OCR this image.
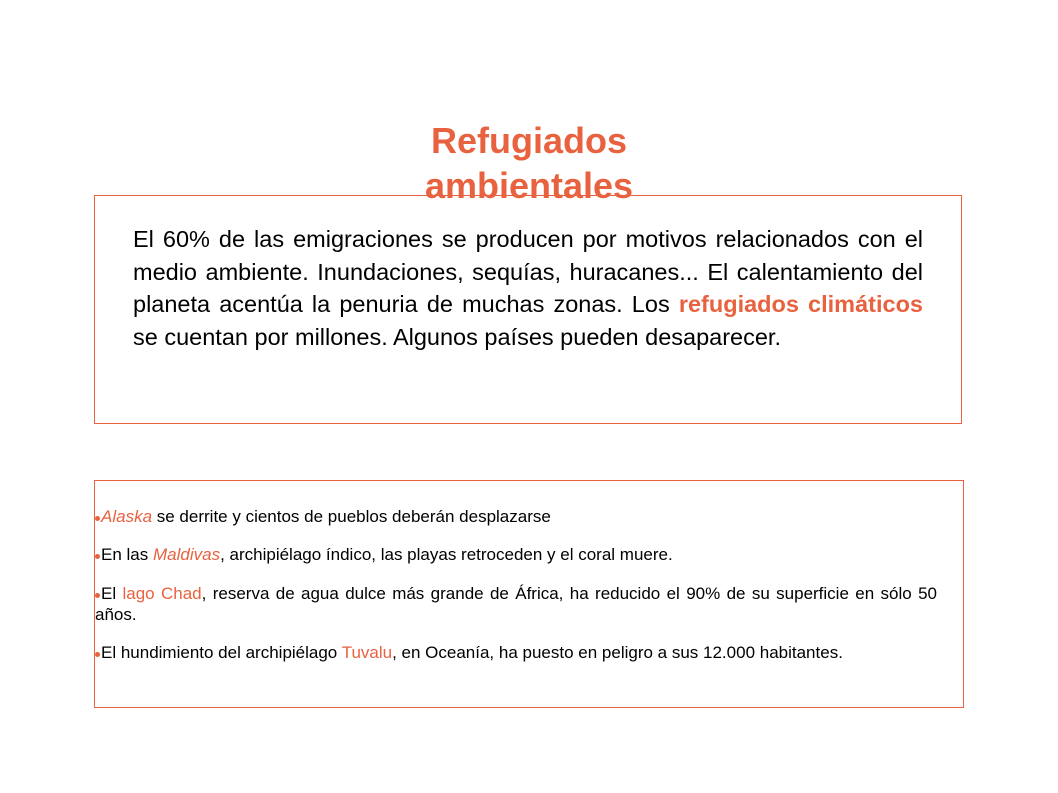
Refugiados
ambientales

El 60% de las emigraciones se producen por motivos relacionados con el medio ambiente. Inundaciones, sequías, huracanes... El calentamiento del planeta acentúa la penuria de muchas zonas. Los refugiados climáticos se cuentan por millones. Algunos países pueden desaparecer.

Alaska se derrite y cientos de pueblos deberán desplazarse
En las Maldivas, archipiélago índico, las playas retroceden y el coral muere.
El lago Chad, reserva de agua dulce más grande de África, ha reducido el 90% de su superficie en sólo 50 años.
El hundimiento del archipiélago Tuvalu, en Oceanía, ha puesto en peligro a sus 12.000 habitantes.
